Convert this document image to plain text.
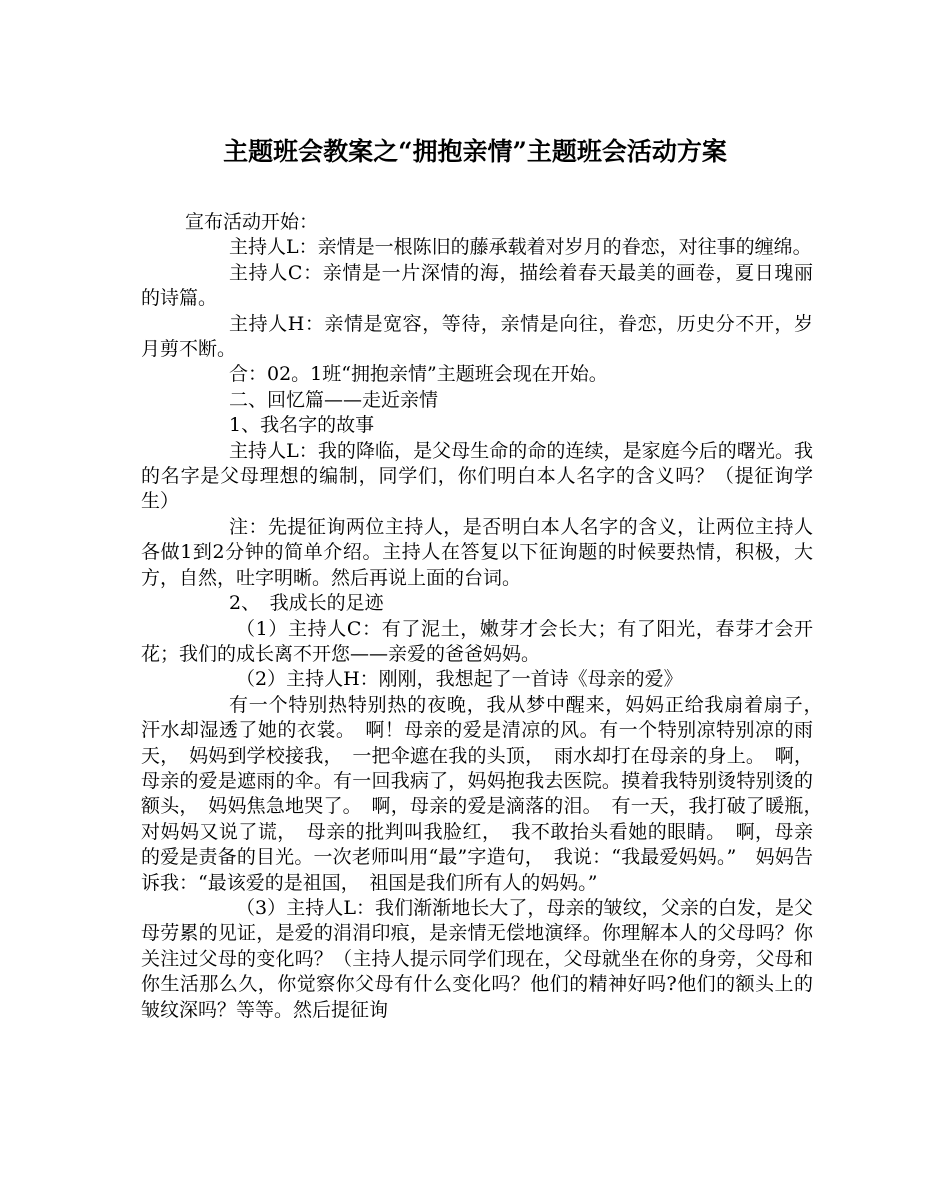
主题班会教案之“拥抱亲情”主题班会活动方案

宣布活动开始：

主持人L：亲情是一根陈旧的藤承载着对岁月的眷恋，对往事的缠绵。

主持人C：亲情是一片深情的海，描绘着春天最美的画卷，夏日瑰丽的诗篇。

主持人H：亲情是宽容，等待，亲情是向往，眷恋，历史分不开，岁月剪不断。

合：02。1班“拥抱亲情”主题班会现在开始。

二、回忆篇——走近亲情

1、我名字的故事

主持人L：我的降临，是父母生命的命的连续，是家庭今后的曙光。我的名字是父母理想的编制，同学们，你们明白本人名字的含义吗？（提征询学生）

注：先提征询两位主持人，是否明白本人名字的含义，让两位主持人各做1到2分钟的简单介绍。主持人在答复以下征询题的时候要热情，积极，大方，自然，吐字明晰。然后再说上面的台词。

2、　我成长的足迹

（1）主持人C：有了泥土，嫩芽才会长大；有了阳光，春芽才会开花；我们的成长离不开您——亲爱的爸爸妈妈。

（2）主持人H：刚刚，我想起了一首诗《母亲的爱》

有一个特别热特别热的夜晚，我从梦中醒来，妈妈正给我扇着扇子，　汗水却湿透了她的衣裳。　啊！母亲的爱是清凉的风。有一个特别凉特别凉的雨天，　妈妈到学校接我，　一把伞遮在我的头顶，　雨水却打在母亲的身上。　啊，母亲的爱是遮雨的伞。有一回我病了，妈妈抱我去医院。摸着我特别烫特别烫的额头，　妈妈焦急地哭了。　啊，母亲的爱是滴落的泪。　有一天，我打破了暖瓶，　对妈妈又说了谎，　母亲的批判叫我脸红，　我不敢抬头看她的眼睛。　啊，母亲的爱是责备的目光。一次老师叫用“最”字造句，　我说：“我最爱妈妈。”　妈妈告诉我：“最该爱的是祖国，　祖国是我们所有人的妈妈。”

（3）主持人L：我们渐渐地长大了，母亲的皱纹，父亲的白发，是父母劳累的见证，是爱的涓涓印痕，是亲情无偿地演绎。你理解本人的父母吗？你关注过父母的变化吗？（主持人提示同学们现在，父母就坐在你的身旁，父母和你生活那么久，你觉察你父母有什么变化吗？他们的精神好吗?他们的额头上的皱纹深吗？等等。然后提征询
